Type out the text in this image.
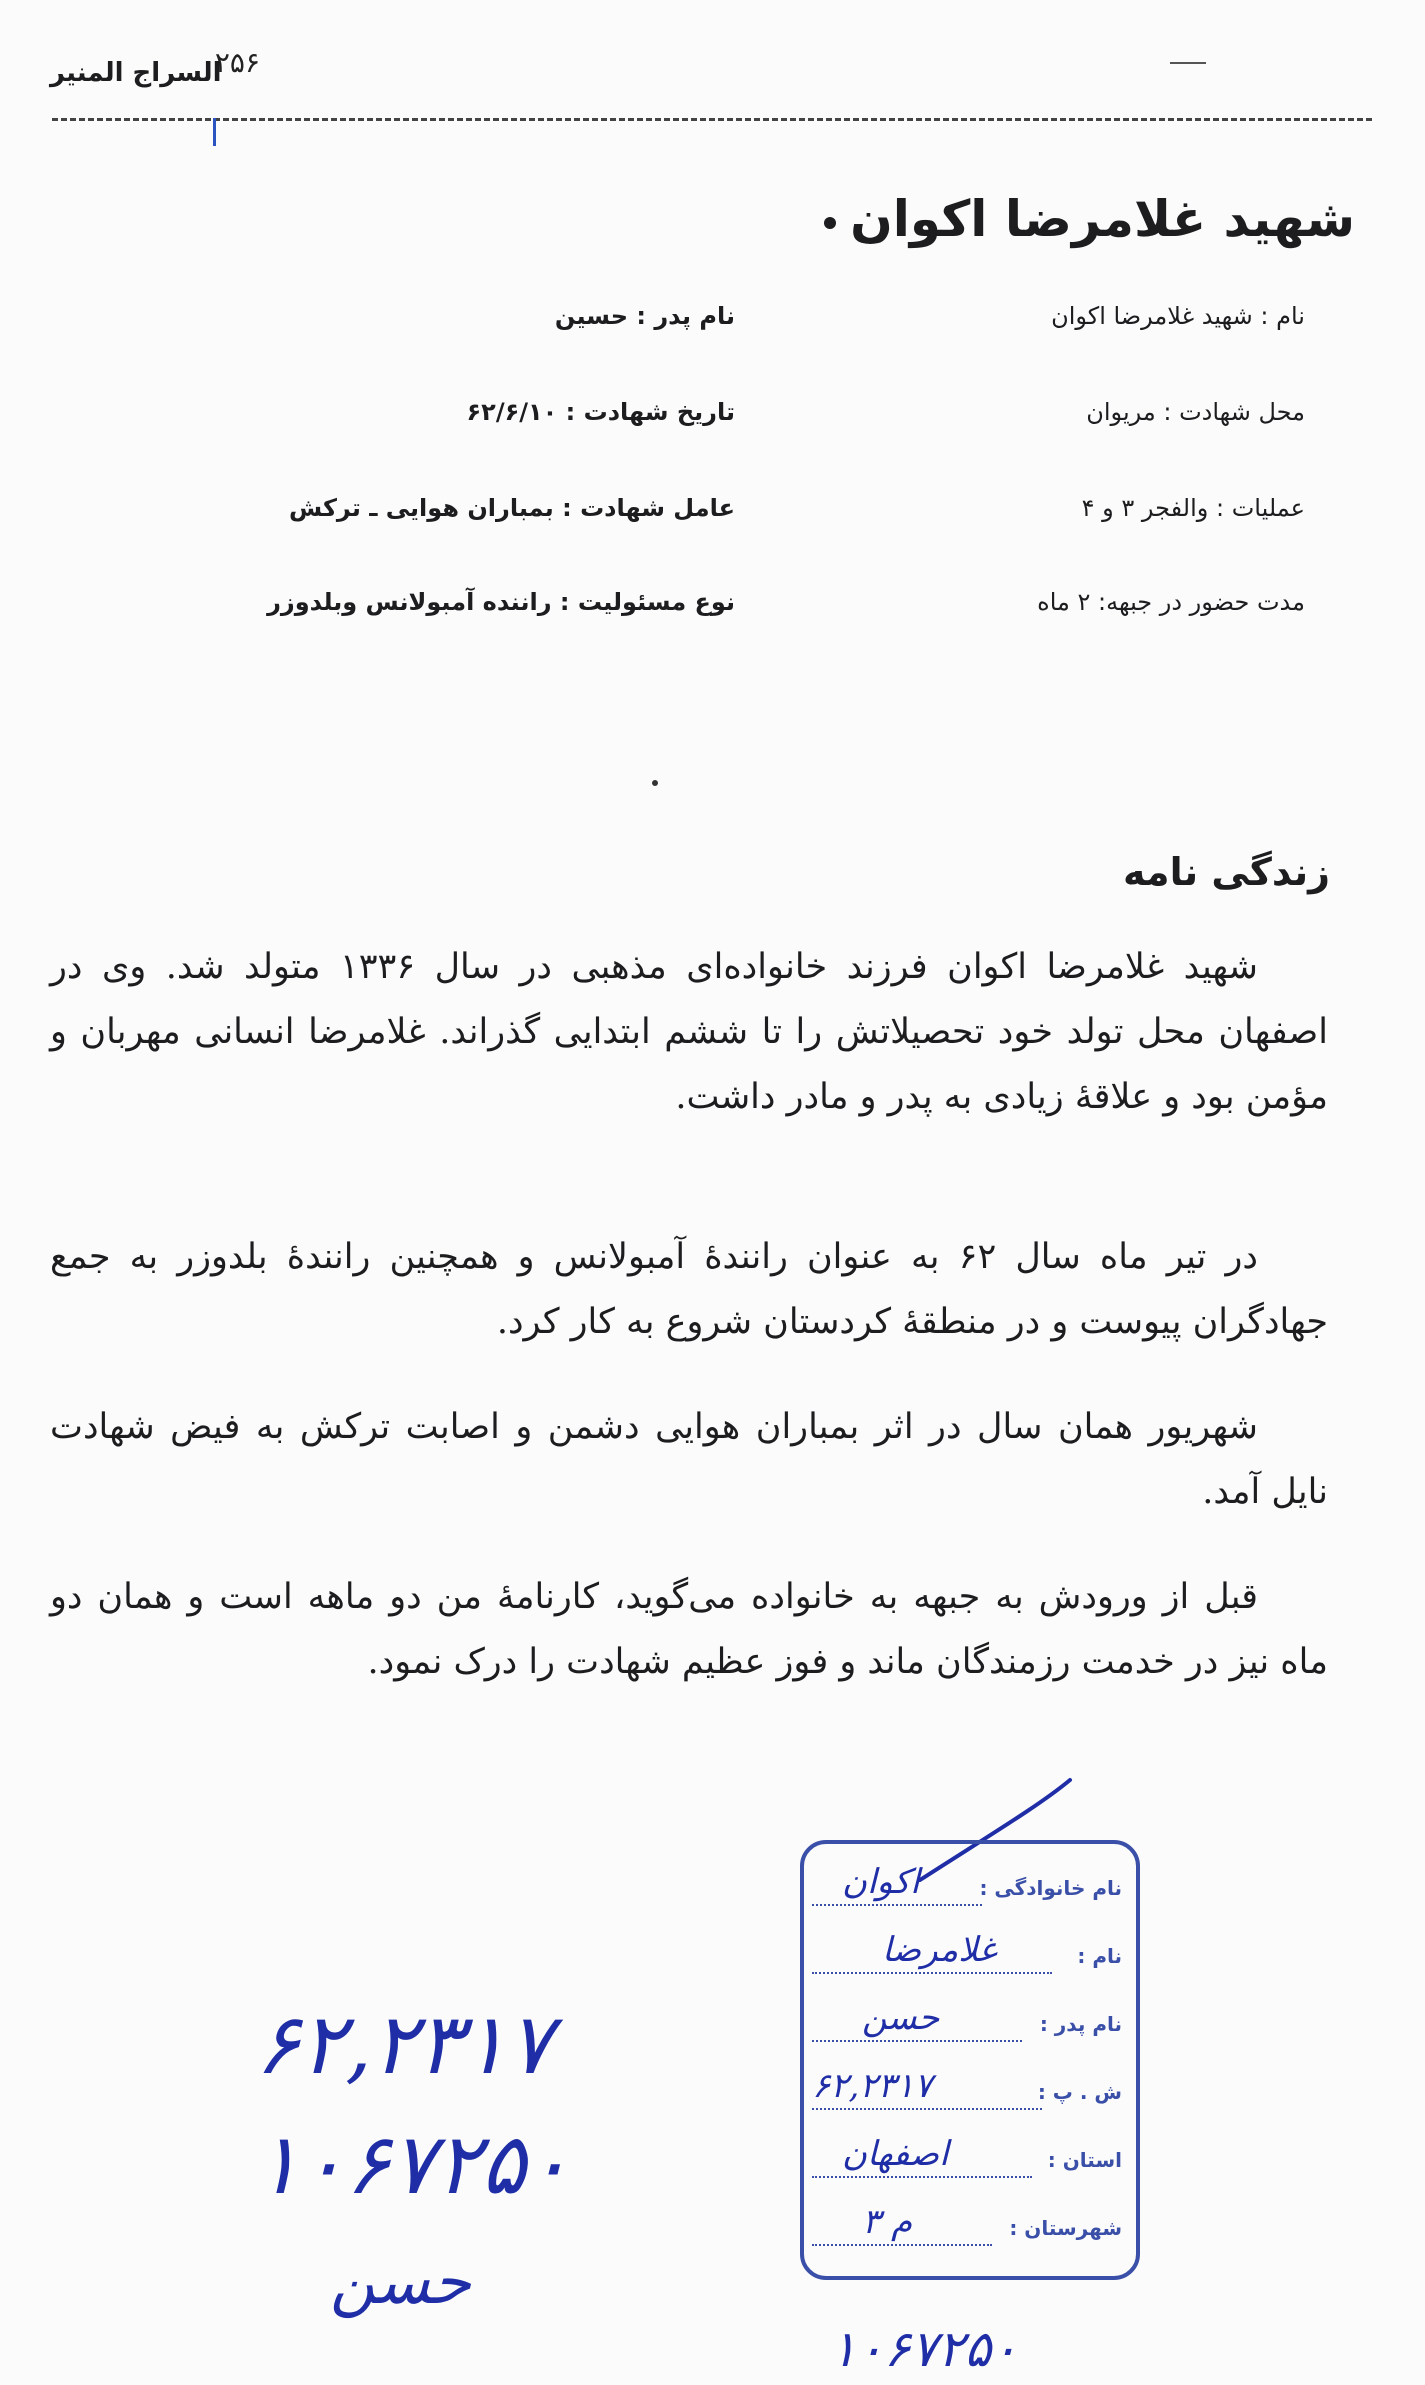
۲۵۶
السراج المنیر
شهید غلامرضا اکوان
نام : شهید غلامرضا اکوان
نام پدر : حسین
محل شهادت : مریوان
تاریخ شهادت : ۶۲/۶/۱۰
عملیات : والفجر ۳ و ۴
عامل شهادت : بمباران هوایی ـ ترکش
مدت حضور در جبهه: ۲ ماه
نوع مسئولیت : راننده آمبولانس وبلدوزر
زندگی نامه
شهید غلامرضا اکوان فرزند خانواده‌ای مذهبی در سال ۱۳۳۶ متولد شد. وی در اصفهان محل تولد خود تحصیلاتش را تا ششم ابتدایی گذراند. غلامرضا انسانی مهربان و مؤمن بود و علاقهٔ زیادی به پدر و مادر داشت.
در تیر ماه سال ۶۲ به عنوان رانندهٔ آمبولانس و همچنین رانندهٔ بلدوزر به جمع جهادگران پیوست و در منطقهٔ کردستان شروع به کار کرد.
شهریور همان سال در اثر بمباران هوایی دشمن و اصابت ترکش به فیض شهادت نایل آمد.
قبل از ورودش به جبهه به خانواده می‌گوید، کارنامهٔ من دو ماهه است و همان دو ماه نیز در خدمت رزمندگان ماند و فوز عظیم شهادت را درک نمود.
۶۲,۲۳۱۷
۱۰۶۷۲۵۰
حسن
۱۰۶۷۲۵۰
نام خانوادگی :
اکوان
نام :
غلامرضا
نام پدر :
حسن
ش . پ :
۶۲,۲۳۱۷
استان :
اصفهان
شهرستان :
م ۳
